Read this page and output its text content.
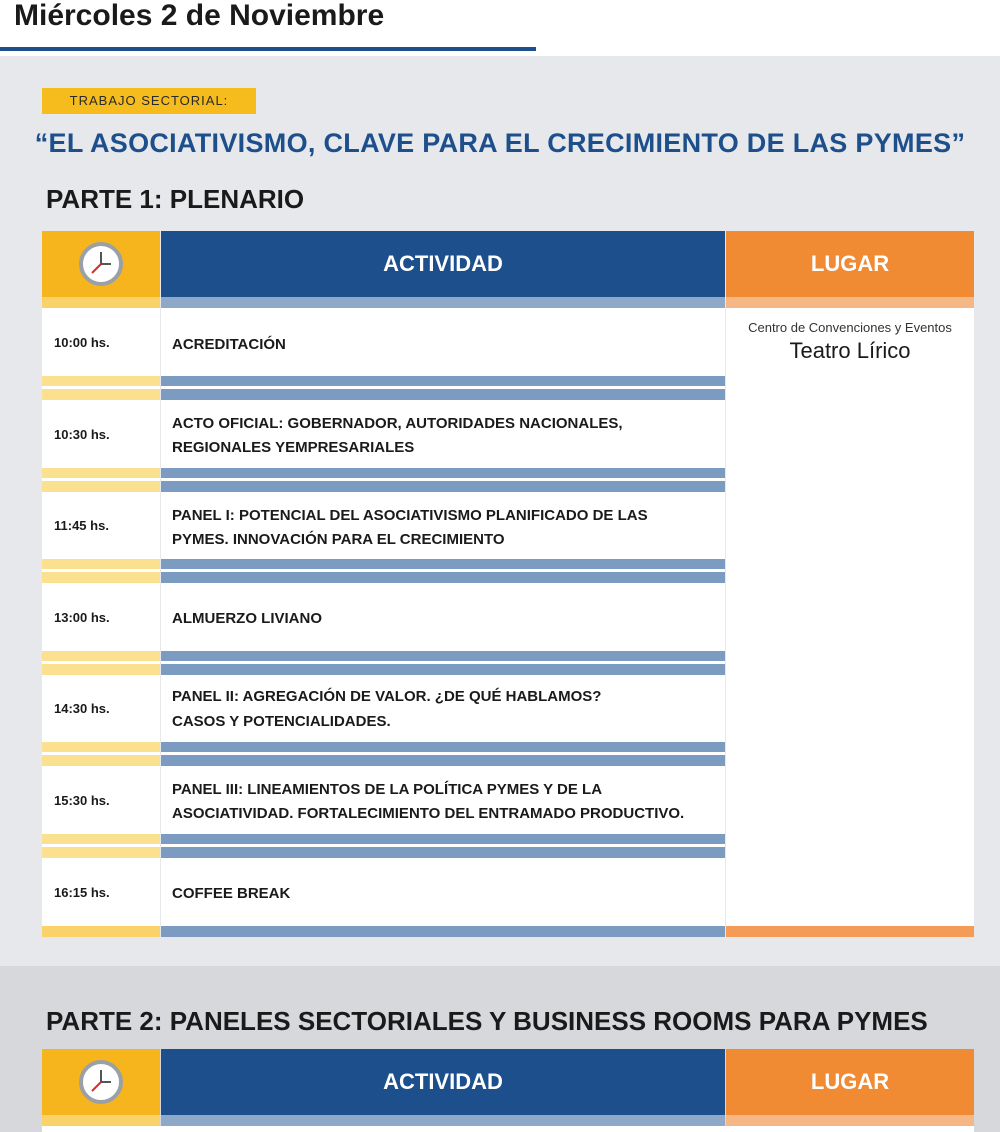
Miércoles 2 de Noviembre
TRABAJO SECTORIAL:
“EL ASOCIATIVISMO, CLAVE PARA EL CRECIMIENTO DE LAS PYMES”
PARTE 1: PLENARIO
ACTIVIDAD	LUGAR
Centro de Convenciones y Eventos
Teatro Lírico
10:00 hs.	ACREDITACIÓN
10:30 hs.
ACTO OFICIAL: GOBERNADOR, AUTORIDADES NACIONALES,
REGIONALES YEMPRESARIALES
11:45 hs.
PANEL I: POTENCIAL DEL ASOCIATIVISMO PLANIFICADO DE LAS
PYMES. INNOVACIÓN PARA EL CRECIMIENTO
13:00 hs.	ALMUERZO LIVIANO
14:30 hs.
PANEL II: AGREGACIÓN DE VALOR. ¿DE QUÉ HABLAMOS?
CASOS Y POTENCIALIDADES.
15:30 hs.
PANEL III: LINEAMIENTOS DE LA POLÍTICA PYMES Y DE LA
ASOCIATIVIDAD. FORTALECIMIENTO DEL ENTRAMADO PRODUCTIVO.
16:15 hs.	COFFEE BREAK
PARTE 2: PANELES SECTORIALES Y BUSINESS ROOMS PARA PYMES
ACTIVIDAD	LUGAR
